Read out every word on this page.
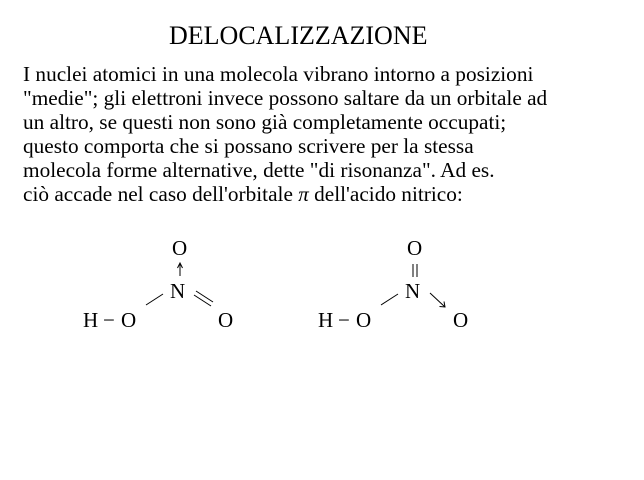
DELOCALIZZAZIONE
I nuclei atomici in una molecola vibrano intorno a posizioni
"medie"; gli elettroni invece possono saltare da un orbitale ad
un altro, se questi non sono già completamente occupati;
questo comporta che si possano scrivere per la stessa
molecola forme alternative, dette "di risonanza". Ad es.
ciò accade nel caso dell'orbitale π dell'acido nitrico:
O
N
H − O	O
O
N
H − O	O
